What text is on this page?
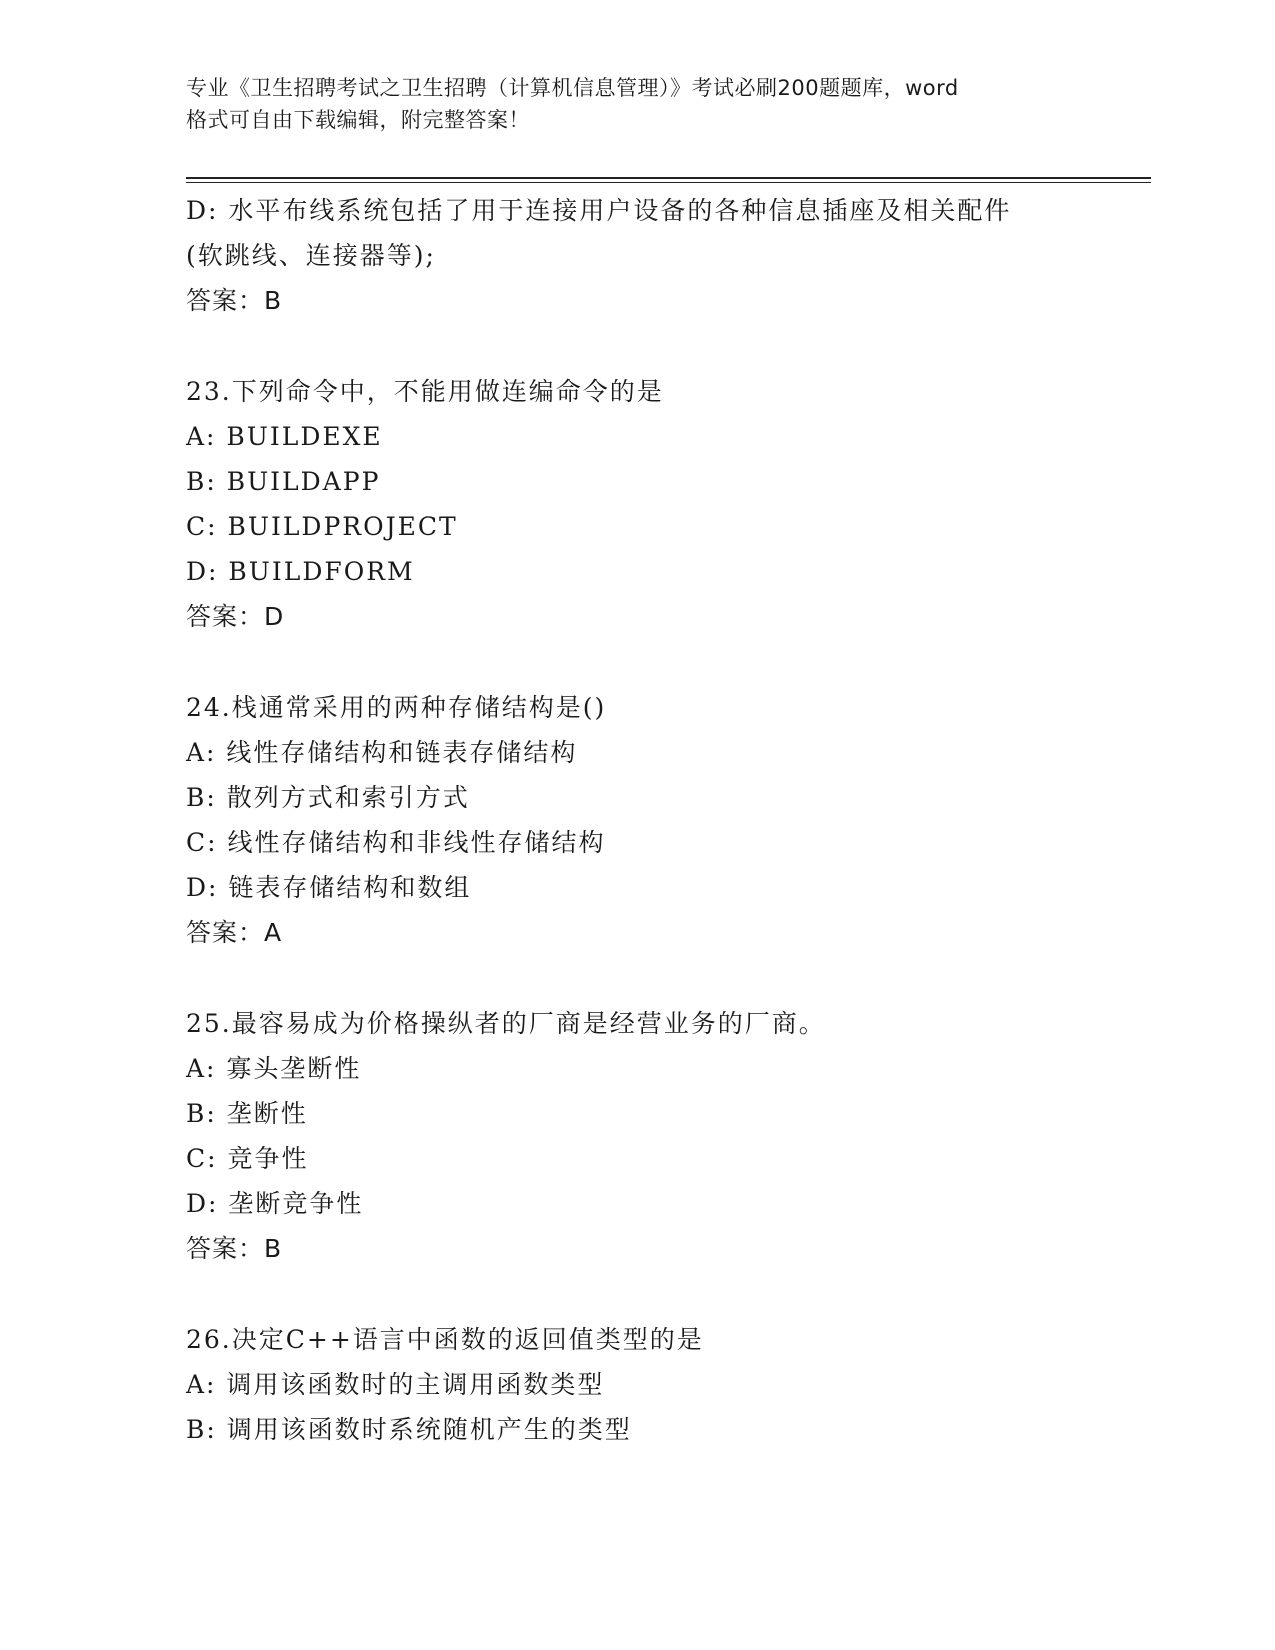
专业《卫生招聘考试之卫生招聘（计算机信息管理）》考试必刷200题题库，word
格式可自由下载编辑，附完整答案！
D: 水平布线系统包括了用于连接用户设备的各种信息插座及相关配件
(软跳线、连接器等);
答案：B
23.下列命令中，不能用做连编命令的是
A: BUILDEXE
B: BUILDAPP
C: BUILDPROJECT
D: BUILDFORM
答案：D
24.栈通常采用的两种存储结构是()
A: 线性存储结构和链表存储结构
B: 散列方式和索引方式
C: 线性存储结构和非线性存储结构
D: 链表存储结构和数组
答案：A
25.最容易成为价格操纵者的厂商是经营业务的厂商。
A: 寡头垄断性
B: 垄断性
C: 竞争性
D: 垄断竞争性
答案：B
26.决定C++语言中函数的返回值类型的是
A: 调用该函数时的主调用函数类型
B: 调用该函数时系统随机产生的类型
